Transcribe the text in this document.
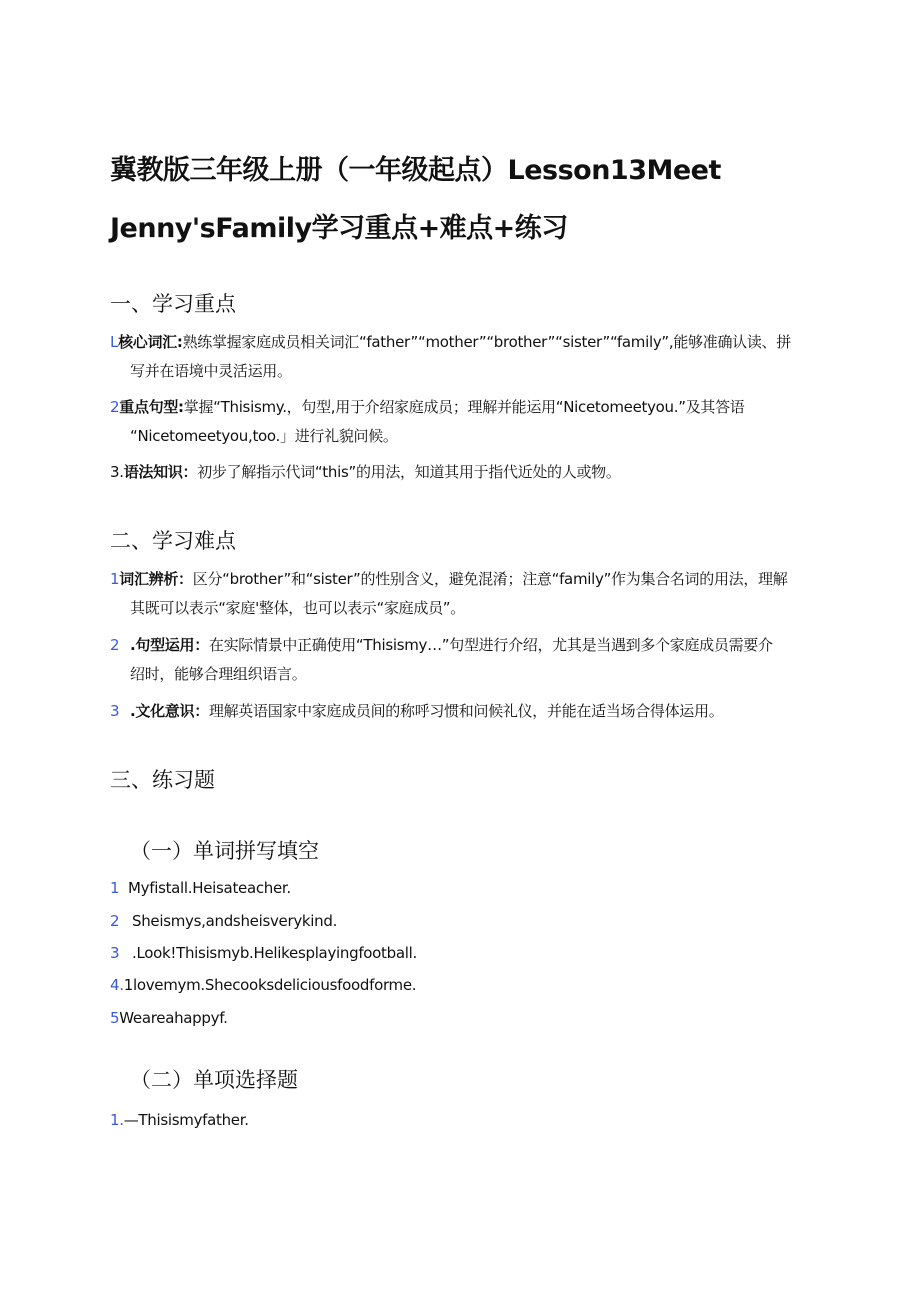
冀教版三年级上册（一年级起点）Lesson13Meet
Jenny'sFamily学习重点+难点+练习
一、学习重点
L核心词汇:熟练掌握家庭成员相关词汇“father”“mother”“brother”“sister”“family”,能够准确认读、拼
写并在语境中灵活运用。
2重点句型:掌握“Thisismy.，句型,用于介绍家庭成员；理解并能运用“Nicetomeetyou.”及其答语
“Nicetomeetyou,too.」进行礼貌问候。
3.语法知识：初步了解指示代词“this”的用法，知道其用于指代近处的人或物。
二、学习难点
1词汇辨析：区分“brother”和“sister”的性别含义，避免混淆；注意“family”作为集合名词的用法，理解
其既可以表示“家庭'整体，也可以表示“家庭成员”。
2 .句型运用：在实际情景中正确使用“Thisismy…”句型进行介绍，尤其是当遇到多个家庭成员需要介
绍时，能够合理组织语言。
3 .文化意识：理解英语国家中家庭成员间的称呼习惯和问候礼仪，并能在适当场合得体运用。
三、练习题
（一）单词拼写填空
1 Myfistall.Heisateacher.
2 Sheismys,andsheisverykind.
3 .Look!Thisismyb.Helikesplayingfootball.
4.1lovemym.Shecooksdeliciousfoodforme.
5Weareahappyf.
（二）单项选择题
1.—Thisismyfather.
